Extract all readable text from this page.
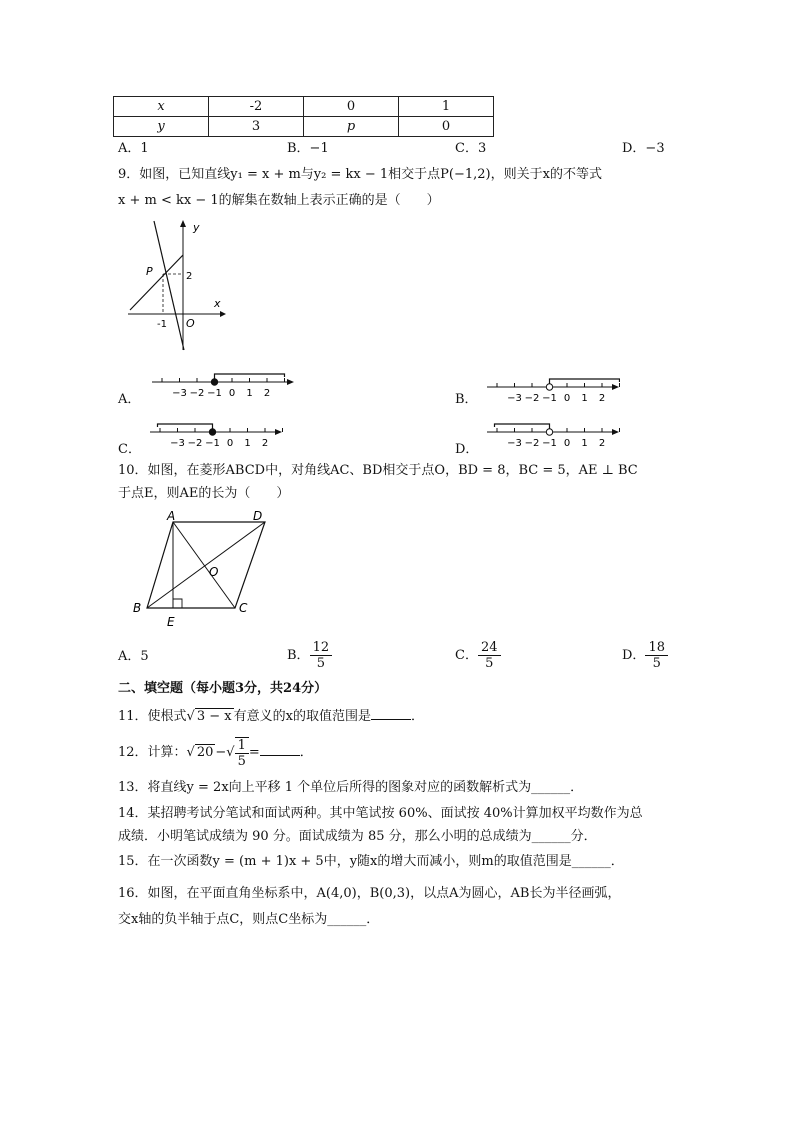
x	-2	0	1
y	3	p	0
A．1	B．−1	C．3	D．−3
9．如图，已知直线y₁ = x + m与y₂ = kx − 1相交于点P(−1,2)，则关于x的不等式
x + m < kx − 1的解集在数轴上表示正确的是（　　）
y
x
P	2
-1 O
A．	B．
C．	D．
−3 −2 −1 0 1 2	−3 −2 −1 0 1 2
−3 −2 −1 0 1 2	−3 −2 −1 0 1 2
10．如图，在菱形ABCD中，对角线AC、BD相交于点O，BD = 8，BC = 5，AE ⊥ BC
于点E，则AE的长为（　　）
A	D
B	C
E
O
A．5	B． $\frac{12}{5}$	C． $\frac{24}{5}$	D． $\frac{18}{5}$
二、填空题（每小题3分，共24分）
11．使根式√ 3 − x 有意义的x的取值范围是	．
12．计算：√ 20 −√ $\frac{1}{5}$ =	．
13．将直线y = 2x向上平移 1 个单位后所得的图象对应的函数解析式为______．
14．某招聘考试分笔试和面试两种。其中笔试按 60%、面试按 40%计算加权平均数作为总
成绩．小明笔试成绩为 90 分。面试成绩为 85 分，那么小明的总成绩为______分．
15．在一次函数y = (m + 1)x + 5中，y随x的增大而减小，则m的取值范围是______．
16．如图，在平面直角坐标系中，A(4,0)，B(0,3)，以点A为圆心，AB长为半径画弧，
交x轴的负半轴于点C，则点C坐标为______．
